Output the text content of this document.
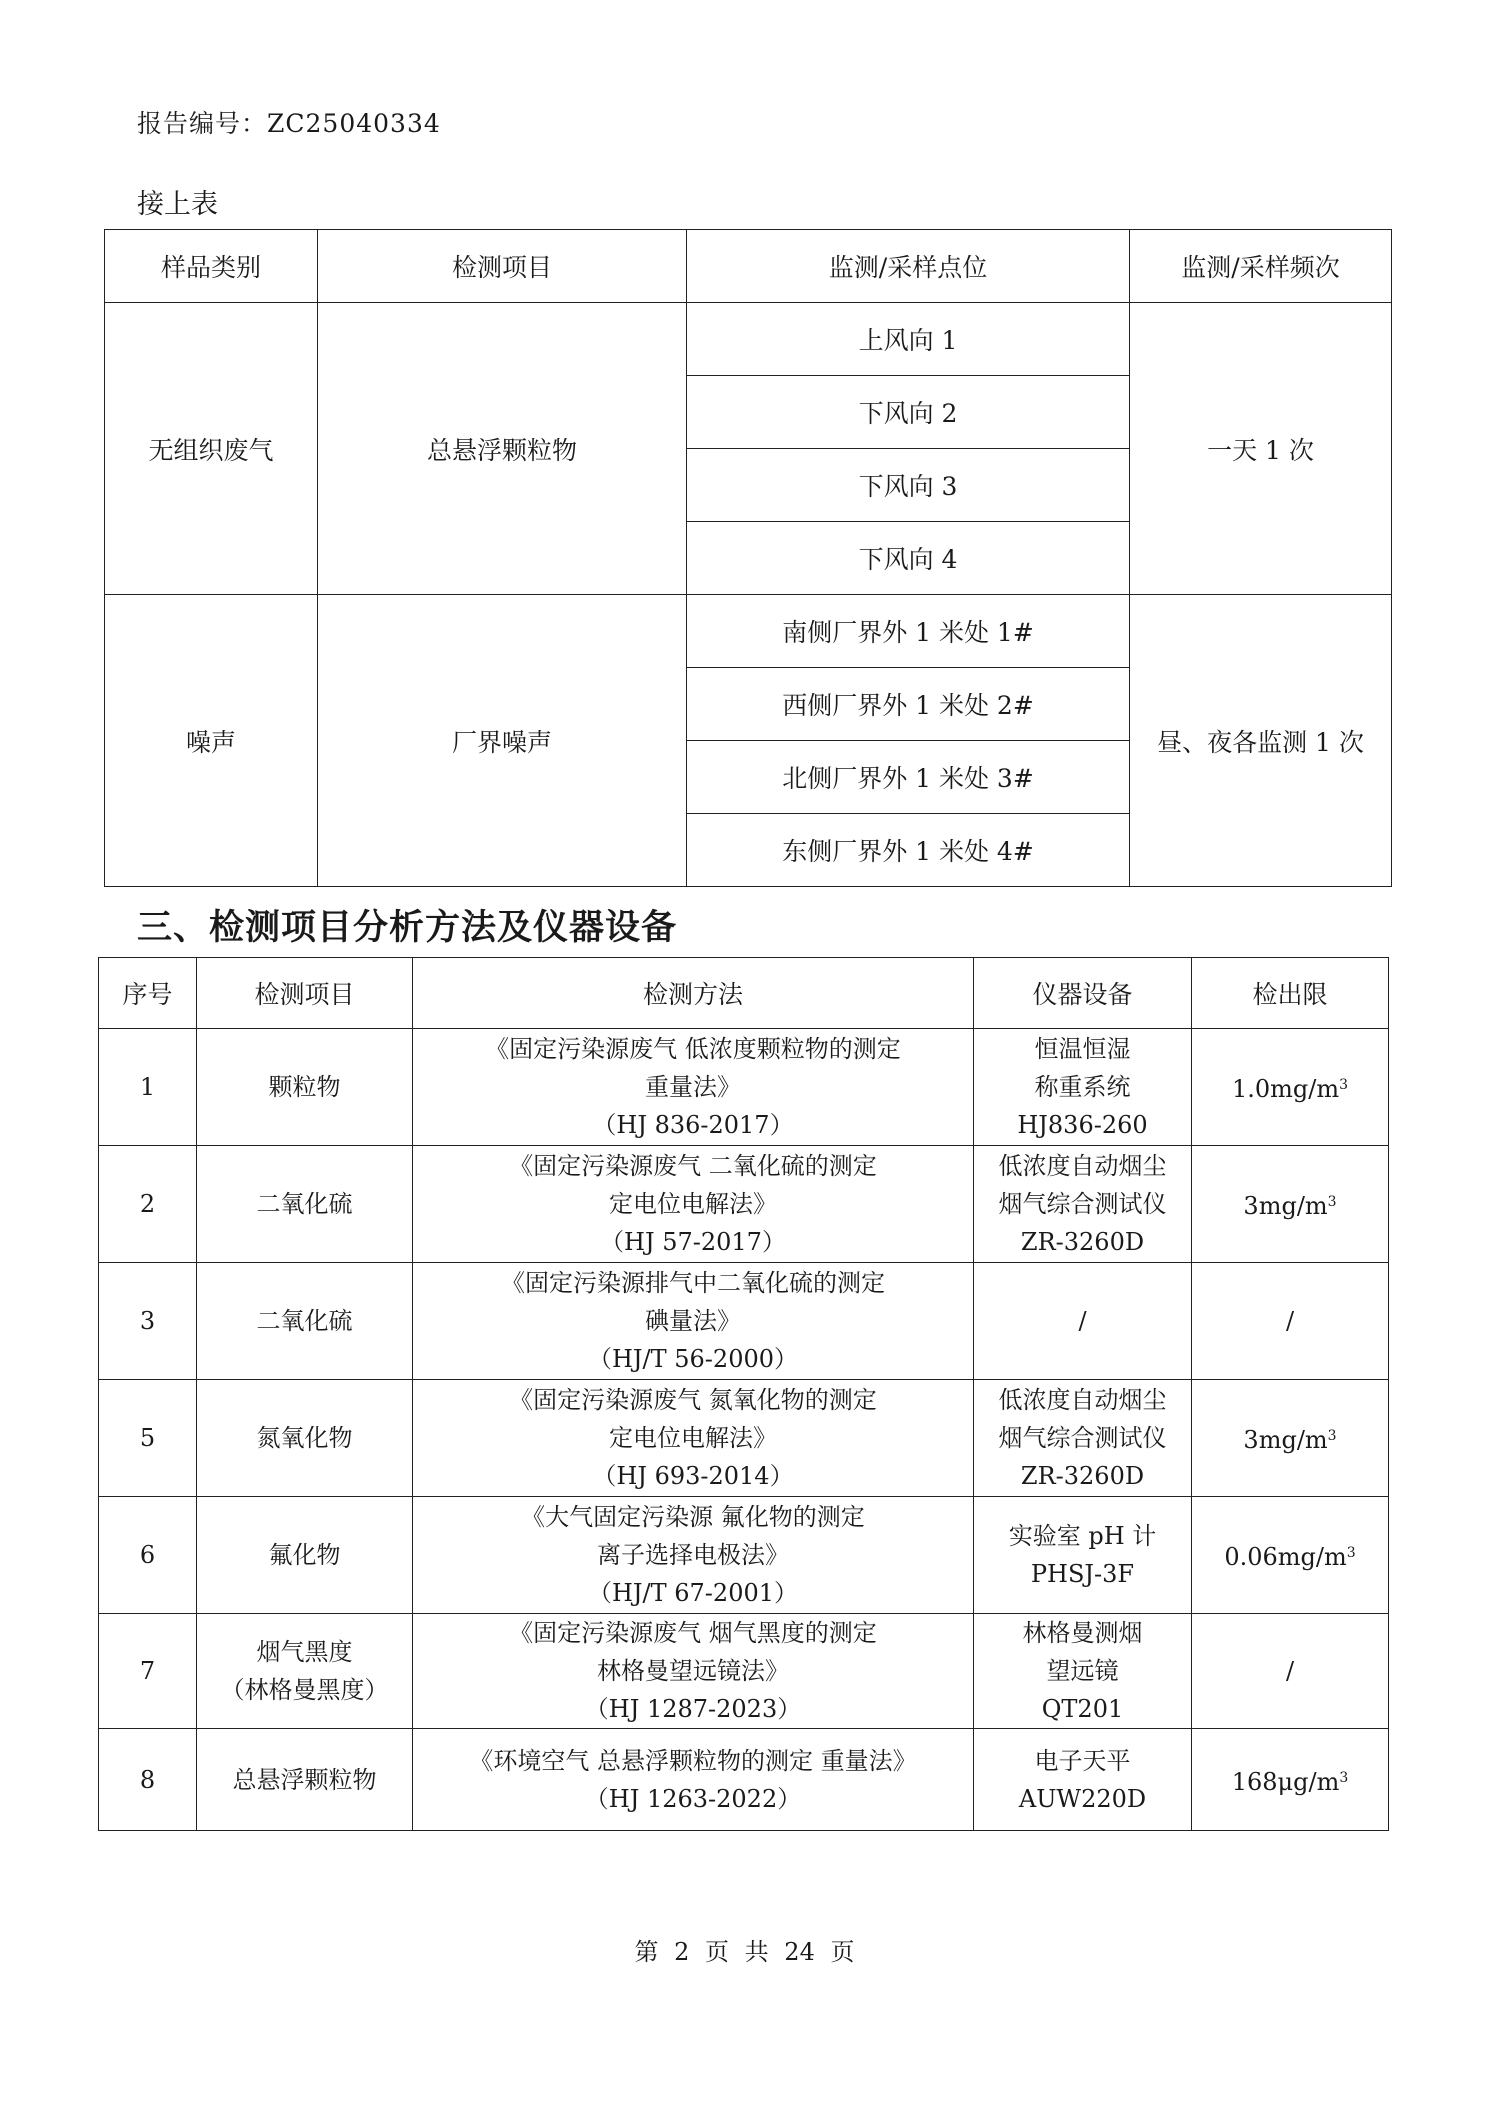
报告编号：ZC25040334
接上表
样品类别	检测项目	监测/采样点位	监测/采样频次
无组织废气	总悬浮颗粒物	上风向 1	一天 1 次
		下风向 2	
		下风向 3	
		下风向 4	
噪声	厂界噪声	南侧厂界外 1 米处 1#	昼、夜各监测 1 次
		西侧厂界外 1 米处 2#	
		北侧厂界外 1 米处 3#	
		东侧厂界外 1 米处 4#	
三、检测项目分析方法及仪器设备
序号	检测项目	检测方法	仪器设备	检出限
1	颗粒物	《固定污染源废气 低浓度颗粒物的测定
重量法》
（HJ 836-2017）	恒温恒湿
称重系统
HJ836-260	$1.0mg/m^3$
2	二氧化硫	《固定污染源废气 二氧化硫的测定
定电位电解法》
（HJ 57-2017）	低浓度自动烟尘
烟气综合测试仪
ZR-3260D	$3mg/m^3$
3	二氧化硫	《固定污染源排气中二氧化硫的测定
碘量法》
（HJ/T 56-2000）	/	/
5	氮氧化物	《固定污染源废气 氮氧化物的测定
定电位电解法》
（HJ 693-2014）	低浓度自动烟尘
烟气综合测试仪
ZR-3260D	$3mg/m^3$
6	氟化物	《大气固定污染源 氟化物的测定
离子选择电极法》
（HJ/T 67-2001）	实验室 pH 计
PHSJ-3F	$0.06mg/m^3$
7	烟气黑度
（林格曼黑度）	《固定污染源废气 烟气黑度的测定
林格曼望远镜法》
（HJ 1287-2023）	林格曼测烟
望远镜
QT201	/
8	总悬浮颗粒物	《环境空气 总悬浮颗粒物的测定 重量法》
（HJ 1263-2022）	电子天平
AUW220D	$168\mu g/m^3$
第 2 页 共 24 页
